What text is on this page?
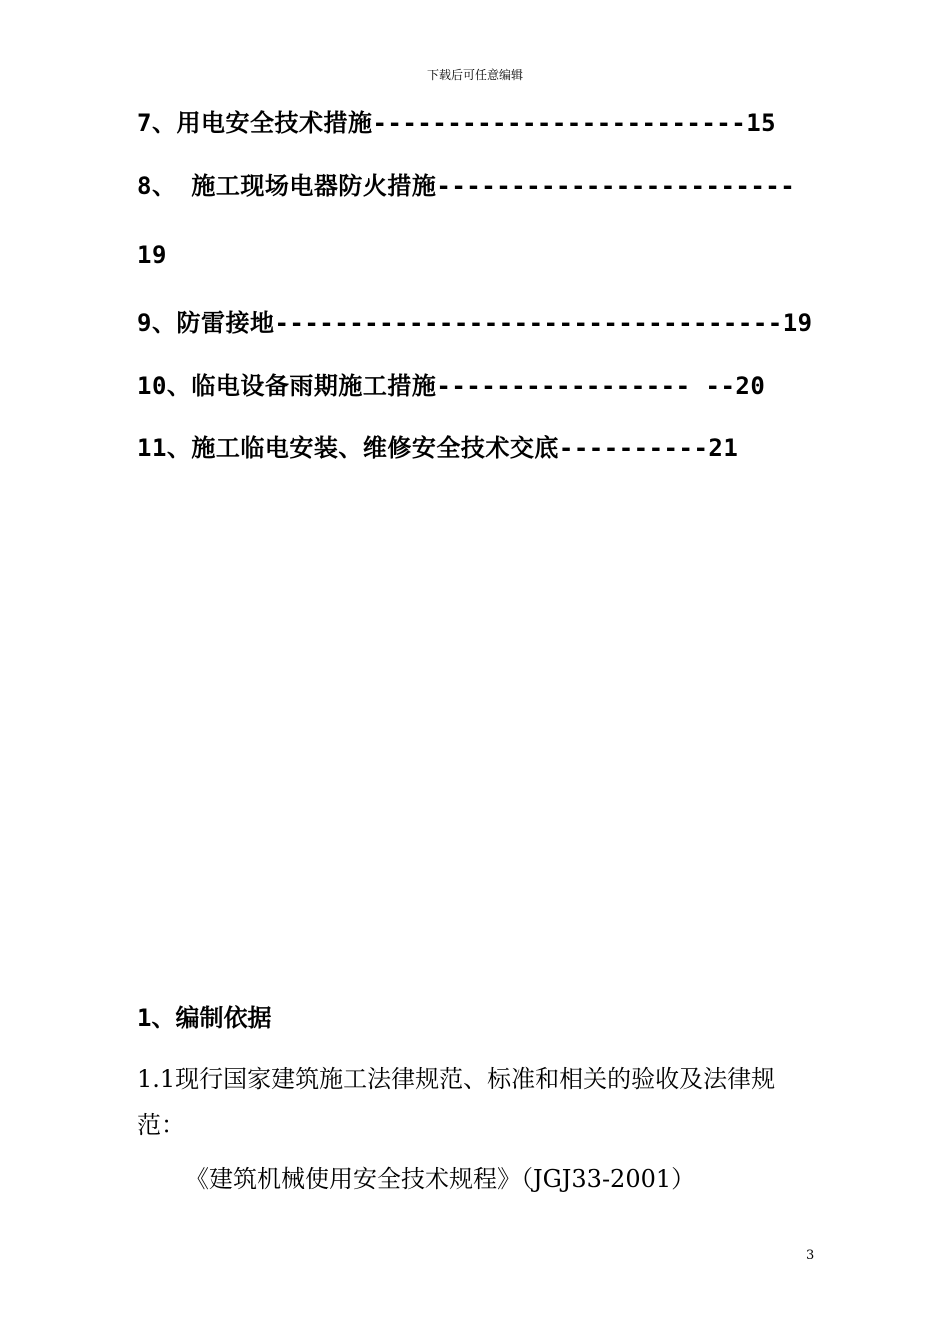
下载后可任意编辑
7、用电安全技术措施-------------------------15
8、 施工现场电器防火措施------------------------
19
9、防雷接地----------------------------------19
10、临电设备雨期施工措施----------------- --20
11、施工临电安装、维修安全技术交底----------21
1、编制依据
1.1现行国家建筑施工法律规范、标准和相关的验收及法律规范：
《建筑机械使用安全技术规程》（JGJ33-2001）
3
